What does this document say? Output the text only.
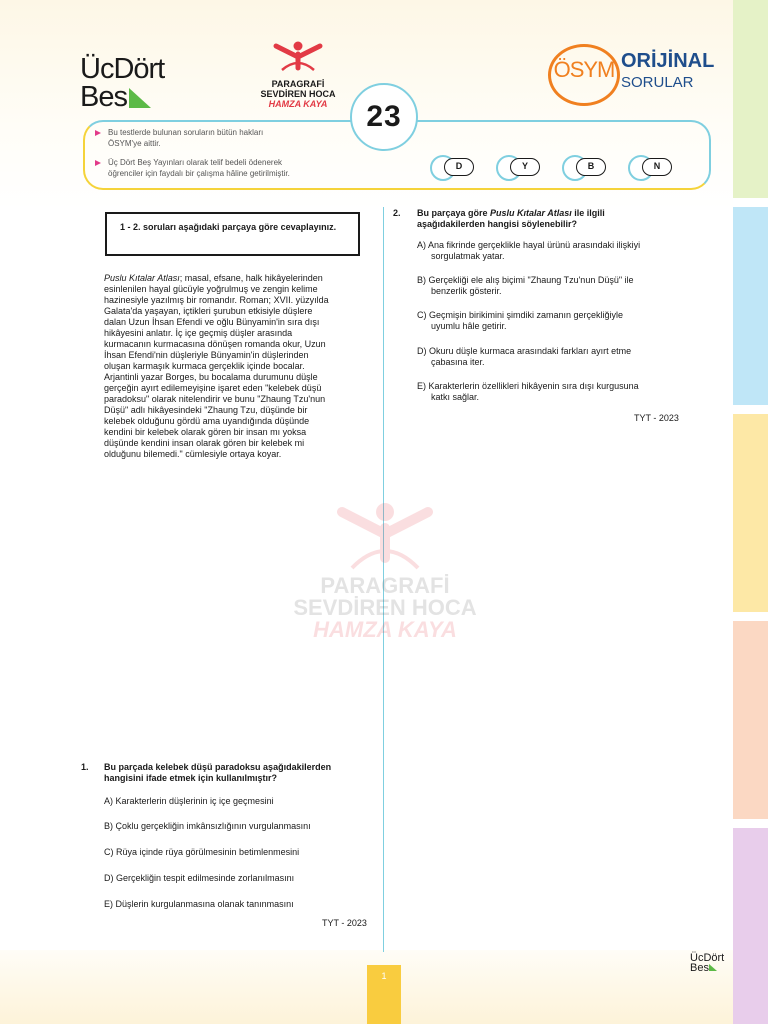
ÜcDört
Bes	PARAGRAFİ
SEVDİREN HOCA
HAMZA KAYA
ÖSYM ORİJİNAL
SORULAR
Bu testlerde bulunan soruların bütün hakları
ÖSYM'ye aittir.
Üç Dört Beş Yayınları olarak telif bedeli ödenerek
öğrenciler için faydalı bir çalışma hâline getirilmiştir.
23
D	Y	B	N
1 - 2. soruları aşağıdaki parçaya göre cevaplayınız.
Puslu Kıtalar Atlası; masal, efsane, halk hikâyelerinden
esinlenilen hayal gücüyle yoğrulmuş ve zengin kelime
hazinesiyle yazılmış bir romandır. Roman; XVII. yüzyılda
Galata'da yaşayan, içtikleri şurubun etkisiyle düşlere
dalan Uzun İhsan Efendi ve oğlu Bünyamin'in sıra dışı
hikâyesini anlatır. İç içe geçmiş düşler arasında
kurmacanın kurmacasına dönüşen romanda okur, Uzun
İhsan Efendi'nin düşleriyle Bünyamin'in düşlerinden
oluşan karmaşık kurmaca gerçeklik içinde bocalar.
Arjantinli yazar Borges, bu bocalama durumunu düşle
gerçeğin ayırt edilemeyişine işaret eden "kelebek düşü
paradoksu" olarak nitelendirir ve bunu "Zhaung Tzu'nun
Düşü" adlı hikâyesindeki "Zhaung Tzu, düşünde bir
kelebek olduğunu gördü ama uyandığında düşünde
kendini bir kelebek olarak gören bir insan mı yoksa
düşünde kendini insan olarak gören bir kelebek mi
olduğunu bilemedi." cümlesiyle ortaya koyar.
PARAGRAFİ
SEVDİREN HOCA
HAMZA KAYA
1. Bu parçada kelebek düşü paradoksu aşağıdakilerden
hangisini ifade etmek için kullanılmıştır?
A) Karakterlerin düşlerinin iç içe geçmesini
B) Çoklu gerçekliğin imkânsızlığının vurgulanmasını
C) Rüya içinde rüya görülmesinin betimlenmesini
D) Gerçekliğin tespit edilmesinde zorlanılmasını
E) Düşlerin kurgulanmasına olanak tanınmasını
TYT - 2023
2. Bu parçaya göre Puslu Kıtalar Atlası ile ilgili
aşağıdakilerden hangisi söylenebilir?
A) Ana fikrinde gerçeklikle hayal ürünü arasındaki ilişkiyi
sorgulatmak yatar.
B) Gerçekliği ele alış biçimi "Zhaung Tzu'nun Düşü" ile
benzerlik gösterir.
C) Geçmişin birikimini şimdiki zamanın gerçekliğiyle
uyumlu hâle getirir.
D) Okuru düşle kurmaca arasındaki farkları ayırt etme
çabasına iter.
E) Karakterlerin özellikleri hikâyenin sıra dışı kurgusuna
katkı sağlar.
TYT - 2023
1
ÜcDört
Bes
